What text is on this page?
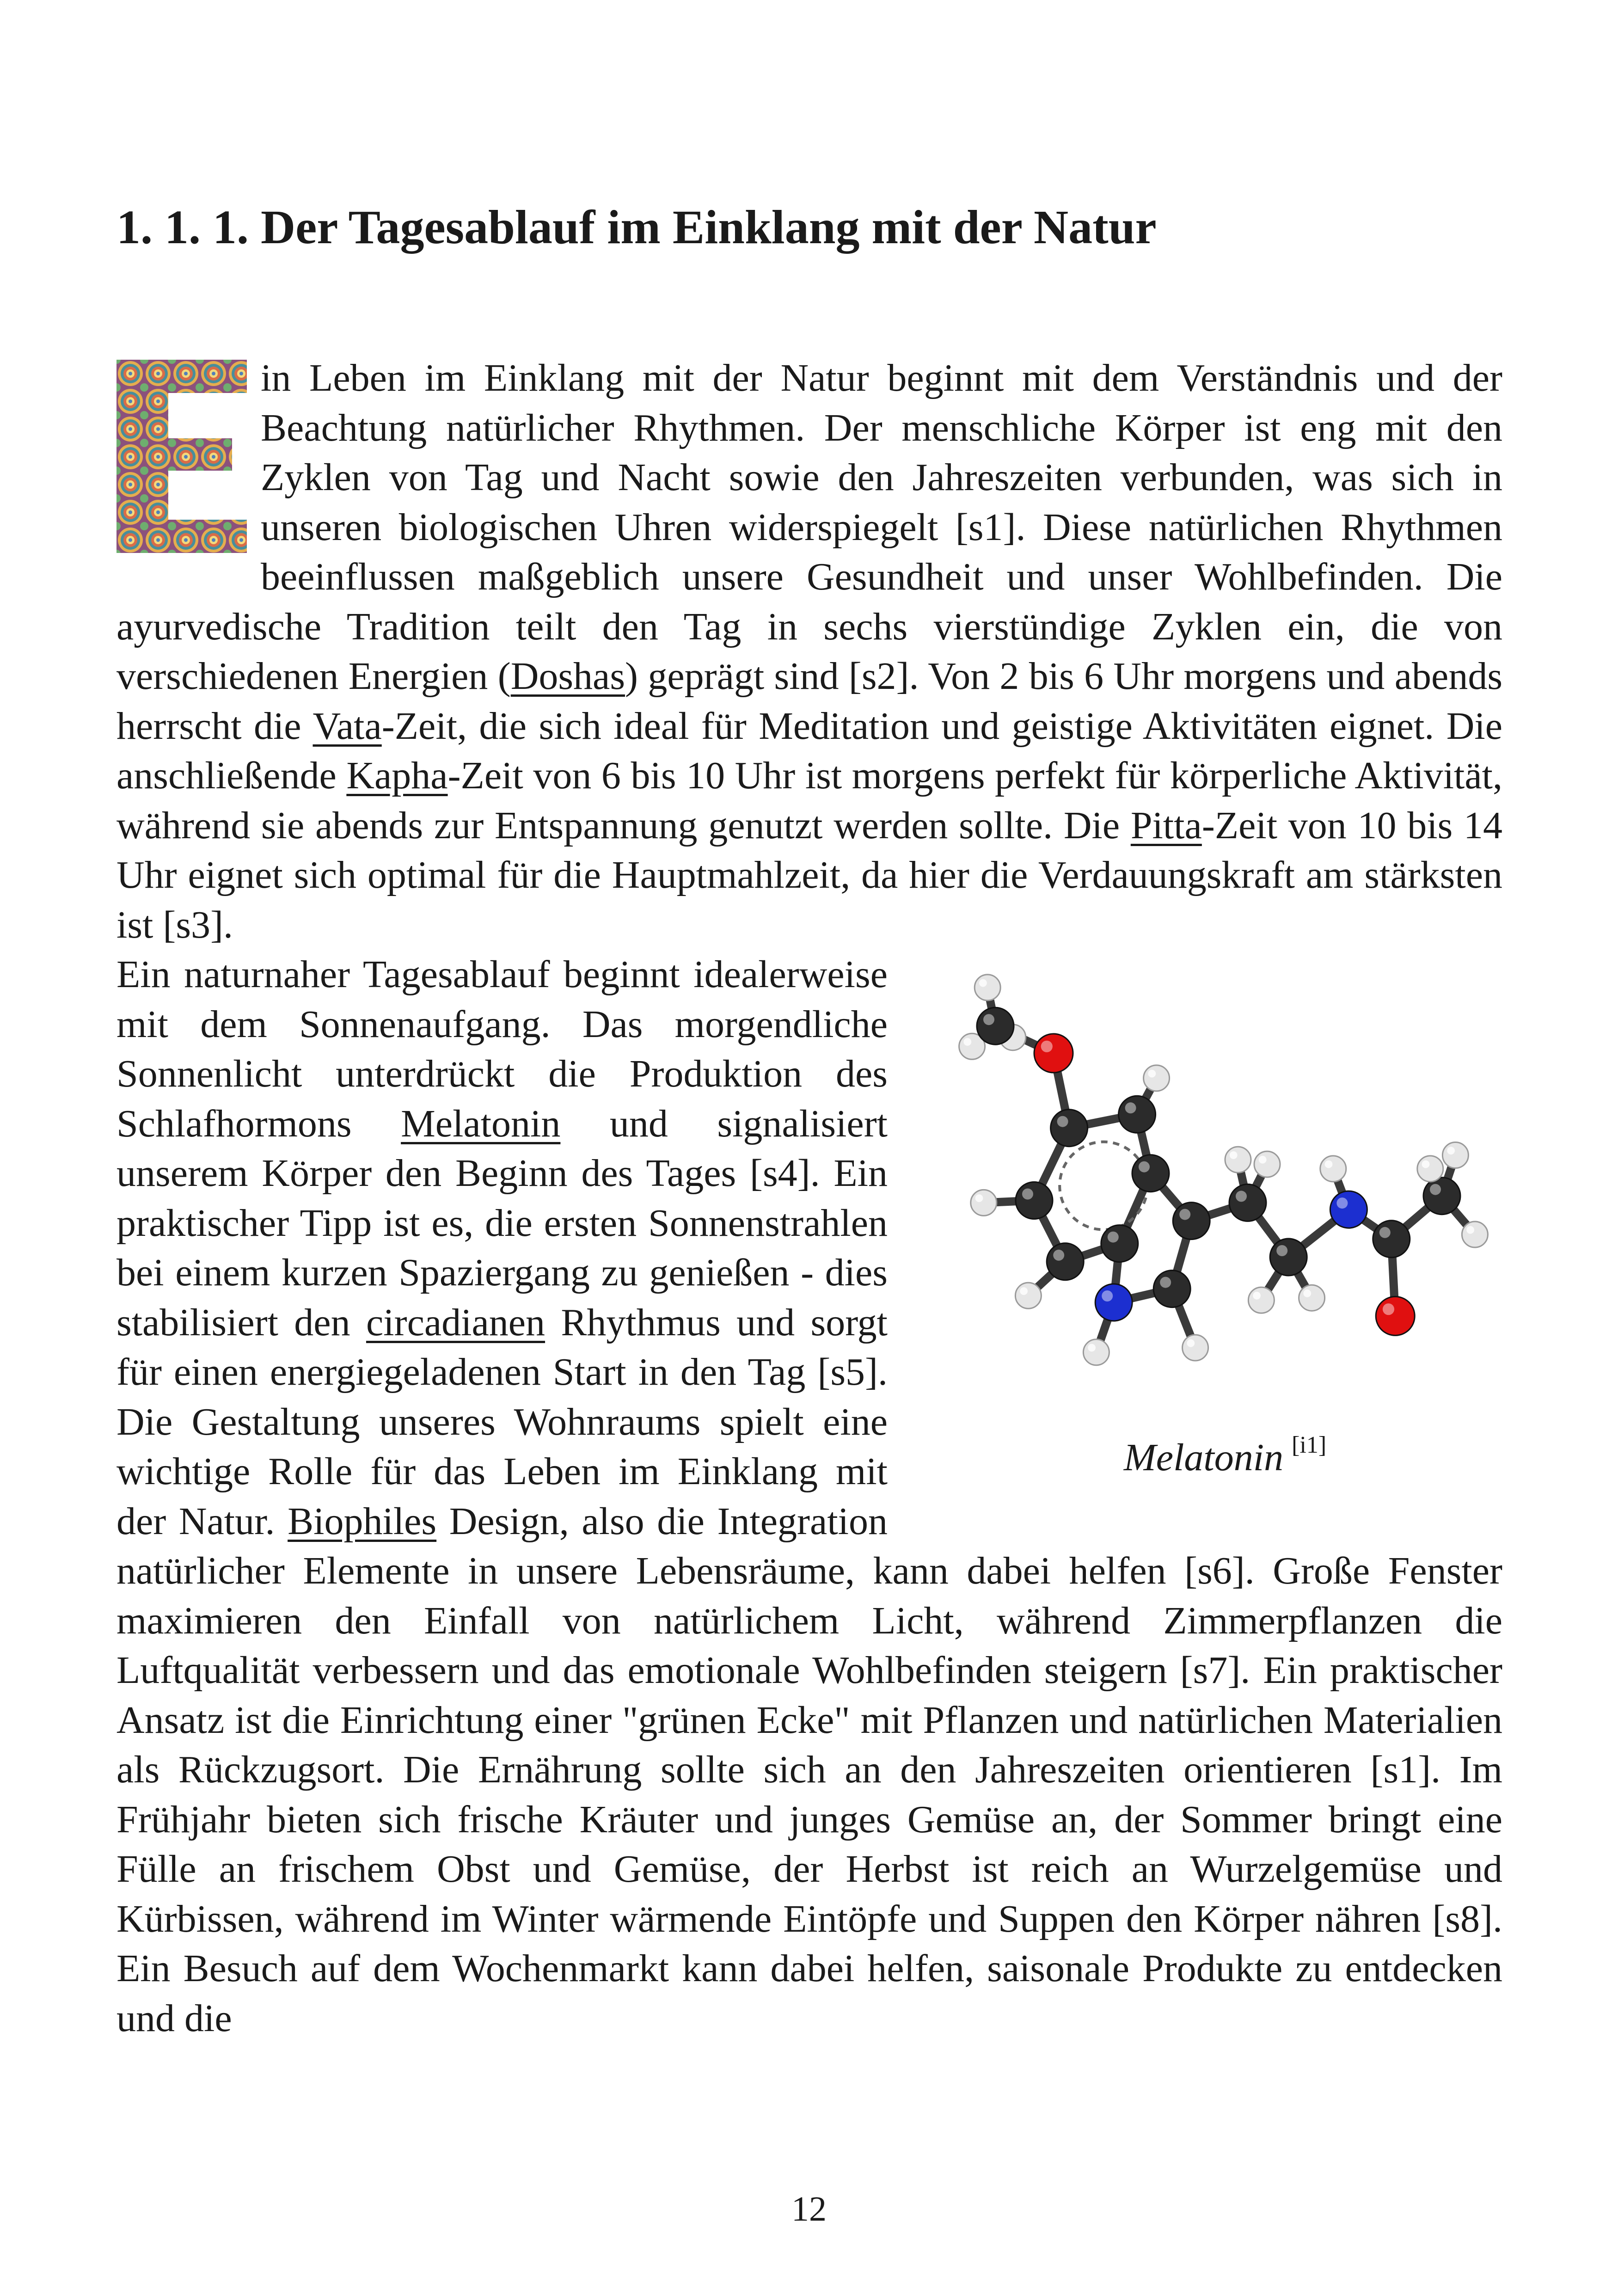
1. 1. 1. Der Tagesablauf im Einklang mit der Natur

in Leben im Einklang mit der Natur beginnt mit dem Verständnis und der Beachtung natürlicher Rhythmen. Der menschliche Körper ist eng mit den Zyklen von Tag und Nacht sowie den Jahreszeiten verbunden, was sich in unseren biologischen Uhren widerspiegelt [s1]. Diese natürlichen Rhythmen beeinflussen maßgeblich unsere Gesundheit und unser Wohlbefinden. Die ayurvedische Tradition teilt den Tag in sechs vierstündige Zyklen ein, die von verschiedenen Energien (Doshas) geprägt sind [s2]. Von 2 bis 6 Uhr morgens und abends herrscht die Vata-Zeit, die sich ideal für Meditation und geistige Aktivitäten eignet. Die anschließende Kapha-Zeit von 6 bis 10 Uhr ist morgens perfekt für körperliche Aktivität, während sie abends zur Entspannung genutzt werden sollte. Die Pitta-Zeit von 10 bis 14 Uhr eignet sich optimal für die Hauptmahlzeit, da hier die Verdauungskraft am stärksten ist [s3].

Melatonin [i1]

Ein naturnaher Tagesablauf beginnt idealerweise mit dem Sonnenaufgang. Das morgendliche Sonnenlicht unterdrückt die Produktion des Schlafhormons Melatonin und signalisiert unserem Körper den Beginn des Tages [s4]. Ein praktischer Tipp ist es, die ersten Sonnenstrahlen bei einem kurzen Spaziergang zu genießen - dies stabilisiert den circadianen Rhythmus und sorgt für einen energiegeladenen Start in den Tag [s5]. Die Gestaltung unseres Wohnraums spielt eine wichtige Rolle für das Leben im Einklang mit der Natur. Biophiles Design, also die Integration natürlicher Elemente in unsere Lebensräume, kann dabei helfen [s6]. Große Fenster maximieren den Einfall von natürlichem Licht, während Zimmerpflanzen die Luftqualität verbessern und das emotionale Wohlbefinden steigern [s7]. Ein praktischer Ansatz ist die Einrichtung einer "grünen Ecke" mit Pflanzen und natürlichen Materialien als Rückzugsort. Die Ernährung sollte sich an den Jahreszeiten orientieren [s1]. Im Frühjahr bieten sich frische Kräuter und junges Gemüse an, der Sommer bringt eine Fülle an frischem Obst und Gemüse, der Herbst ist reich an Wurzelgemüse und Kürbissen, während im Winter wärmende Eintöpfe und Suppen den Körper nähren [s8]. Ein Besuch auf dem Wochenmarkt kann dabei helfen, saisonale Produkte zu entdecken und die

12
